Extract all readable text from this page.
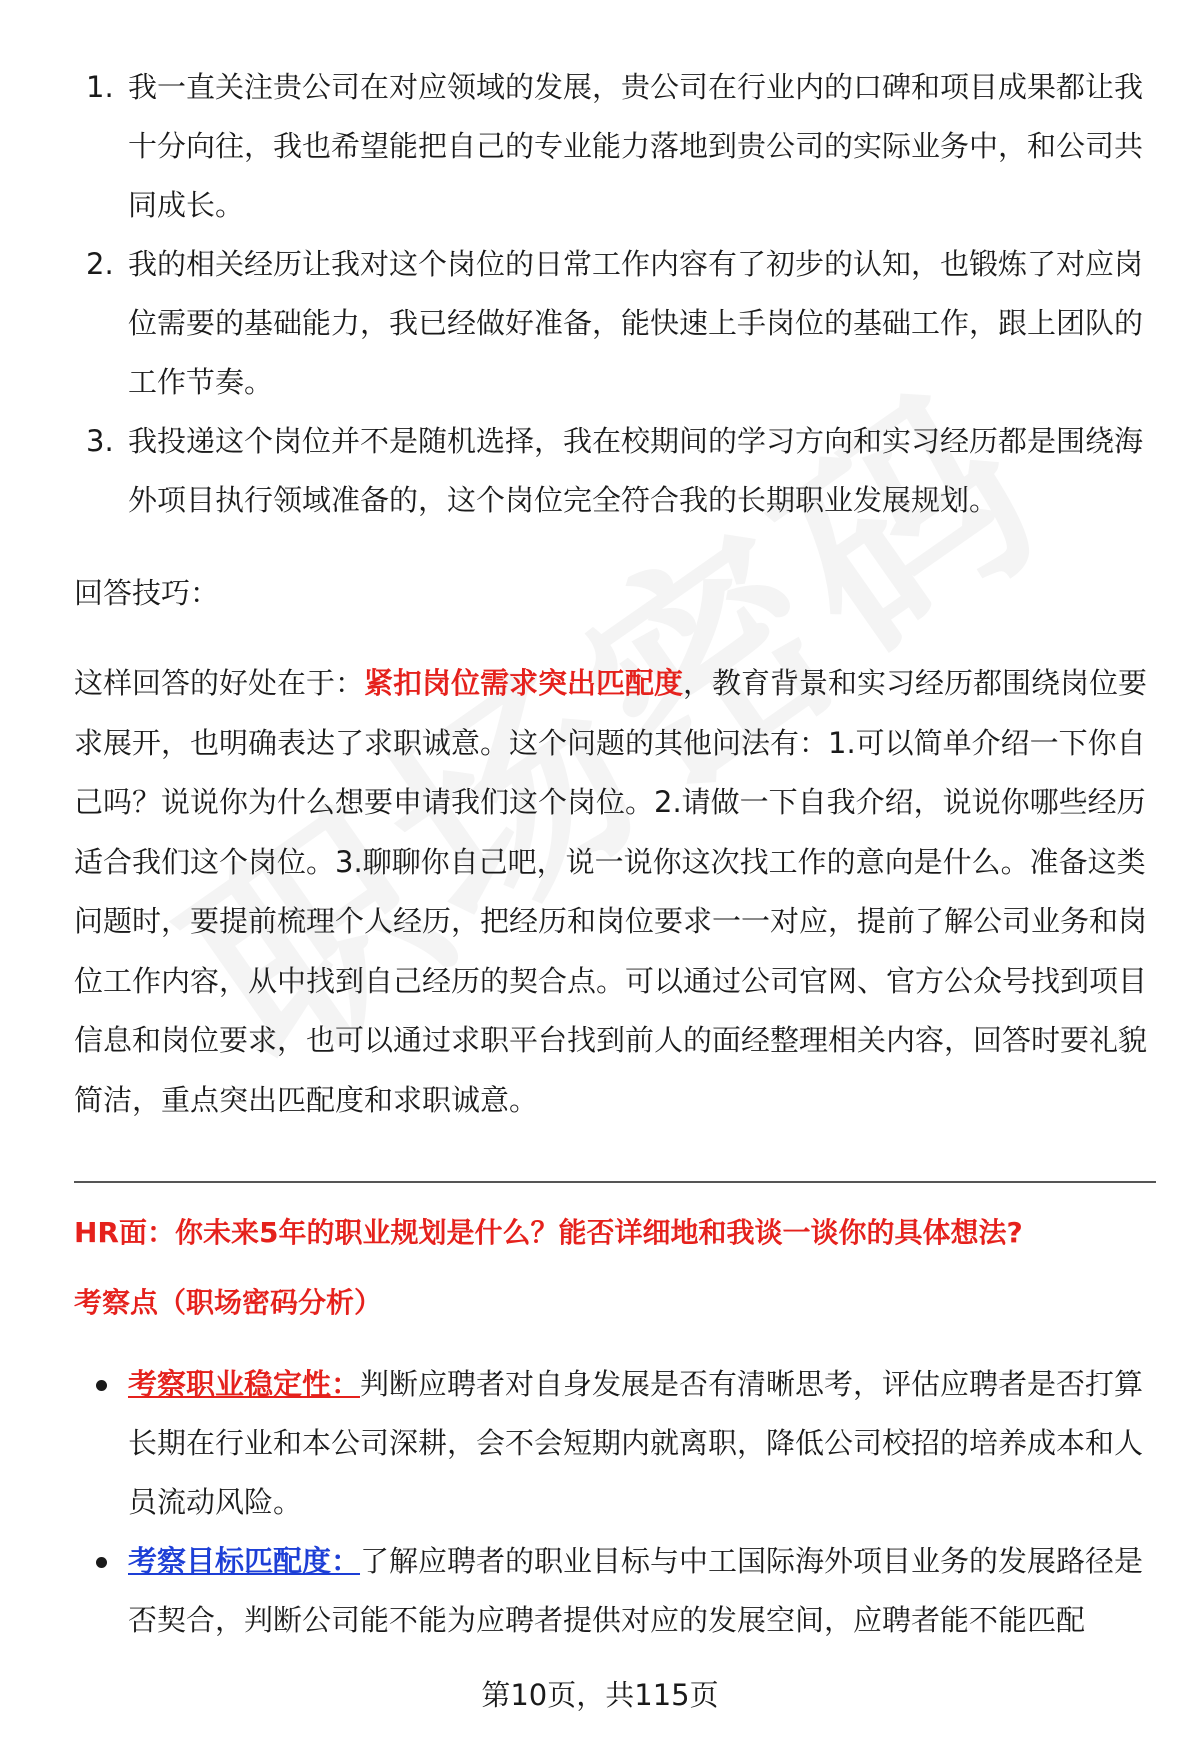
1. 我一直关注贵公司在对应领域的发展，贵公司在行业内的口碑和项目成果都让我十分向往，我也希望能把自己的专业能力落地到贵公司的实际业务中，和公司共同成长。
2. 我的相关经历让我对这个岗位的日常工作内容有了初步的认知，也锻炼了对应岗位需要的基础能力，我已经做好准备，能快速上手岗位的基础工作，跟上团队的工作节奏。
3. 我投递这个岗位并不是随机选择，我在校期间的学习方向和实习经历都是围绕海外项目执行领域准备的，这个岗位完全符合我的长期职业发展规划。
回答技巧：

这样回答的好处在于：紧扣岗位需求突出匹配度，教育背景和实习经历都围绕岗位要求展开，也明确表达了求职诚意。这个问题的其他问法有：1.可以简单介绍一下你自己吗？说说你为什么想要申请我们这个岗位。2.请做一下自我介绍，说说你哪些经历适合我们这个岗位。3.聊聊你自己吧，说一说你这次找工作的意向是什么。准备这类问题时，要提前梳理个人经历，把经历和岗位要求一一对应，提前了解公司业务和岗位工作内容，从中找到自己经历的契合点。可以通过公司官网、官方公众号找到项目信息和岗位要求，也可以通过求职平台找到前人的面经整理相关内容，回答时要礼貌简洁，重点突出匹配度和求职诚意。

HR面：你未来5年的职业规划是什么？能否详细地和我谈一谈你的具体想法?
考察点（职场密码分析）
考察职业稳定性：判断应聘者对自身发展是否有清晰思考，评估应聘者是否打算长期在行业和本公司深耕，会不会短期内就离职，降低公司校招的培养成本和人员流动风险。
考察目标匹配度：了解应聘者的职业目标与中工国际海外项目业务的发展路径是否契合，判断公司能不能为应聘者提供对应的发展空间，应聘者能不能匹配
第10页，共115页
